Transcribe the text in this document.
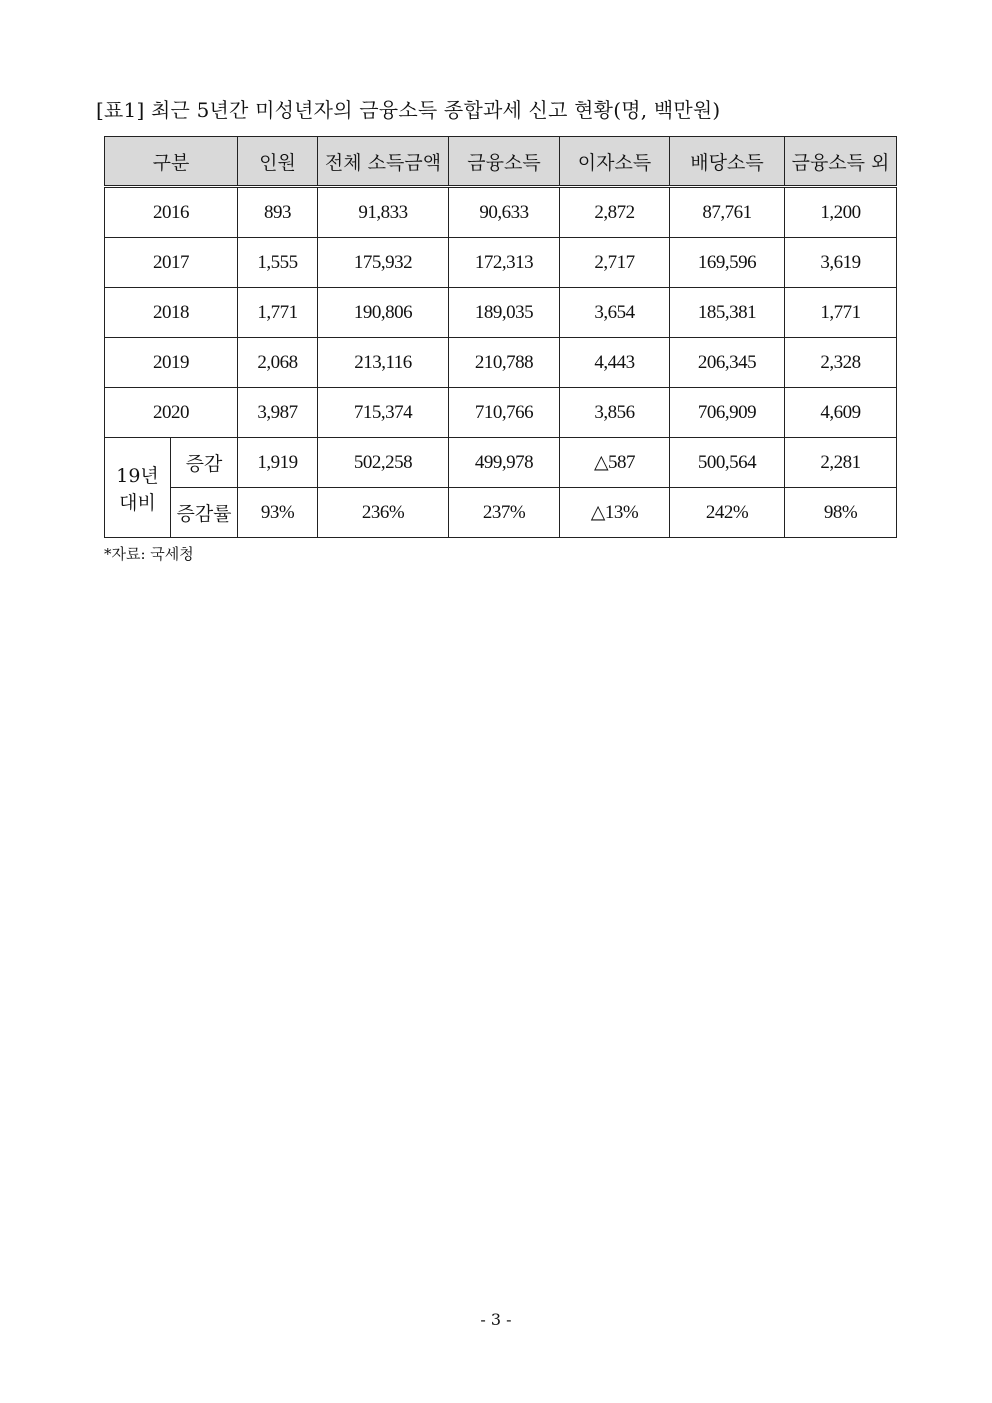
[표1] 최근 5년간 미성년자의 금융소득 종합과세 신고 현황(명, 백만원)
구분		인원	전체 소득금액	금융소득	이자소득	배당소득	금융소득 외
2016		893	91,833	90,633	2,872	87,761	1,200
2017		1,555	175,932	172,313	2,717	169,596	3,619
2018		1,771	190,806	189,035	3,654	185,381	1,771
2019		2,068	213,116	210,788	4,443	206,345	2,328
2020		3,987	715,374	710,766	3,856	706,909	4,609

19년
대비	증감	1,919	502,258	499,978	△587	500,564	2,281
	증감률	93%	236%	237%	△13%	242%	98%
*자료: 국세청
- 3 -
